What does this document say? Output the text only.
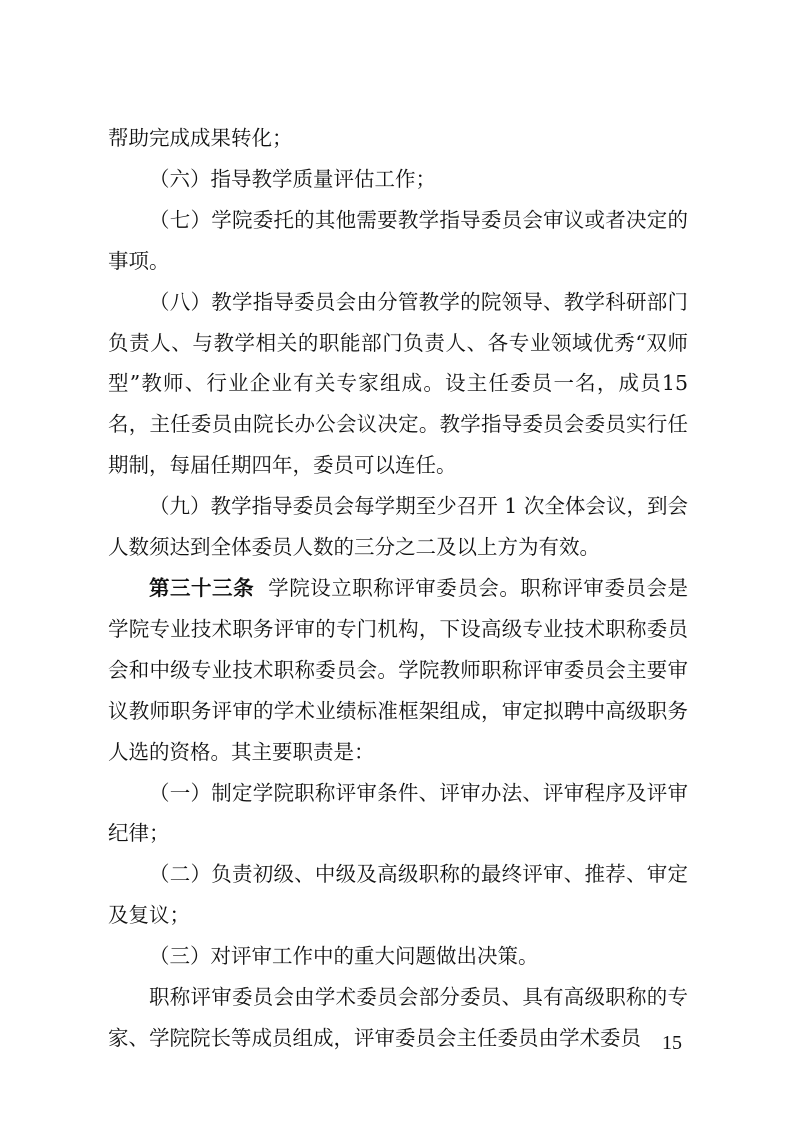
帮助完成成果转化；

（六）指导教学质量评估工作；

（七）学院委托的其他需要教学指导委员会审议或者决定的事项。

（八）教学指导委员会由分管教学的院领导、教学科研部门负责人、与教学相关的职能部门负责人、各专业领域优秀“双师型”教师、行业企业有关专家组成。设主任委员一名，成员15名，主任委员由院长办公会议决定。教学指导委员会委员实行任期制，每届任期四年，委员可以连任。

（九）教学指导委员会每学期至少召开 1 次全体会议，到会人数须达到全体委员人数的三分之二及以上方为有效。

第三十三条 学院设立职称评审委员会。职称评审委员会是学院专业技术职务评审的专门机构，下设高级专业技术职称委员会和中级专业技术职称委员会。学院教师职称评审委员会主要审议教师职务评审的学术业绩标准框架组成，审定拟聘中高级职务人选的资格。其主要职责是：

（一）制定学院职称评审条件、评审办法、评审程序及评审纪律；

（二）负责初级、中级及高级职称的最终评审、推荐、审定及复议；

（三）对评审工作中的重大问题做出决策。

职称评审委员会由学术委员会部分委员、具有高级职称的专家、学院院长等成员组成，评审委员会主任委员由学术委员	15
